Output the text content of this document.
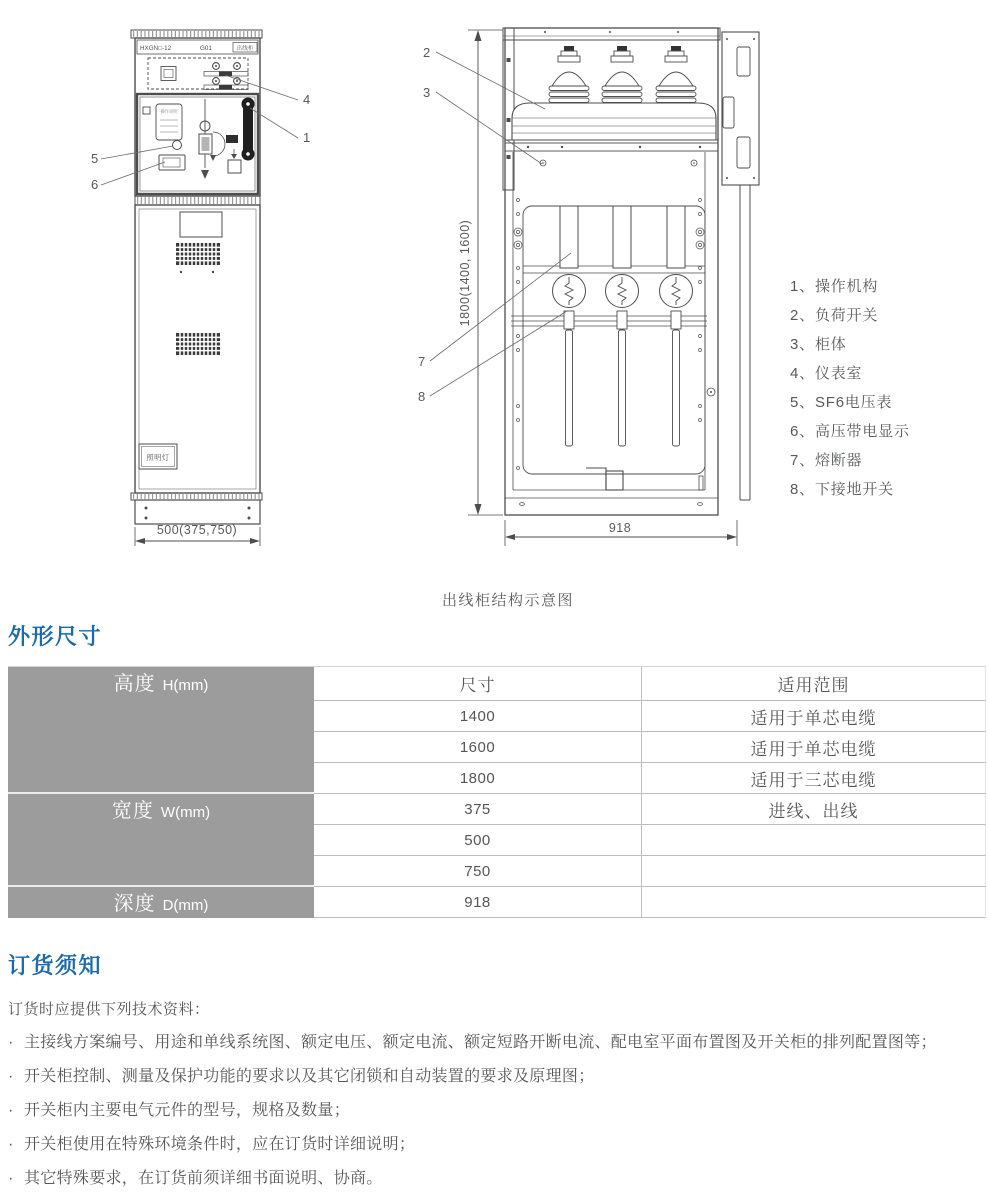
HXGN□-12	G01	出线柜
操作说明
照明灯
500(375,750)
1800(1400, 1600)
918
4
1
5
6
2
3
7
8
1、操作机构
2、负荷开关
3、柜体
4、仪表室
5、SF6电压表
6、高压带电显示
7、熔断器
8、下接地开关
出线柜结构示意图
外形尺寸
高度 H(mm)	尺寸	适用范围
1400	适用于单芯电缆
1600	适用于单芯电缆
1800	适用于三芯电缆
宽度 W(mm)	375	进线、出线
500
750
深度 D(mm)	918
订货须知

订货时应提供下列技术资料：

· 主接线方案编号、用途和单线系统图、额定电压、额定电流、额定短路开断电流、配电室平面布置图及开关柜的排列配置图等；
· 开关柜控制、测量及保护功能的要求以及其它闭锁和自动装置的要求及原理图；
· 开关柜内主要电气元件的型号，规格及数量；
· 开关柜使用在特殊环境条件时，应在订货时详细说明；
· 其它特殊要求，在订货前须详细书面说明、协商。
